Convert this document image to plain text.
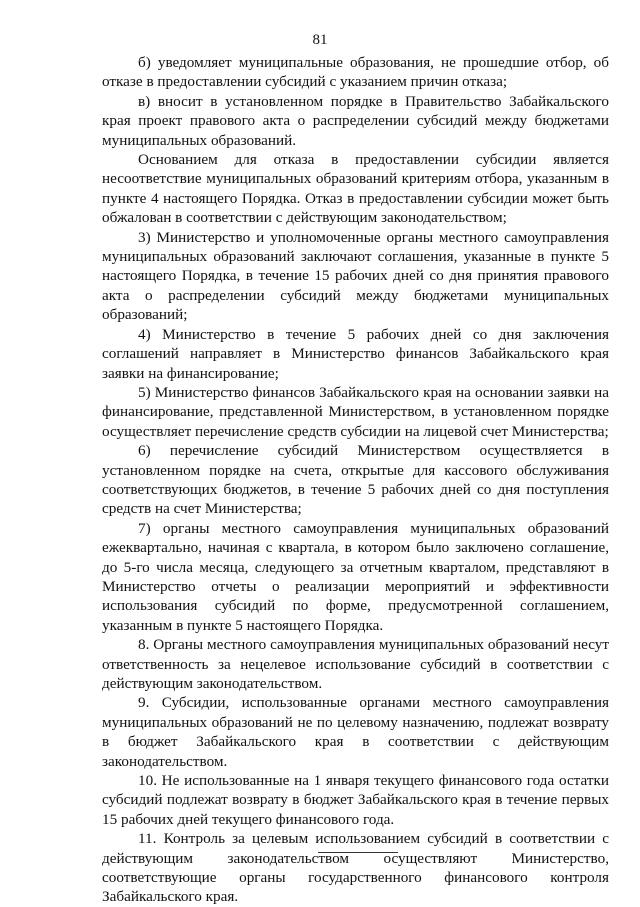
81

б) уведомляет муниципальные образования, не прошедшие отбор, об отказе в предоставлении субсидий с указанием причин отказа;

в) вносит в установленном порядке в Правительство Забайкальского края проект правового акта о распределении субсидий между бюджетами муниципальных образований.

Основанием для отказа в предоставлении субсидии является несоответствие муниципальных образований критериям отбора, указанным в пункте 4 настоящего Порядка. Отказ в предоставлении субсидии может быть обжалован в соответствии с действующим законодательством;

3) Министерство и уполномоченные органы местного самоуправления муниципальных образований заключают соглашения, указанные в пункте 5 настоящего Порядка, в течение 15 рабочих дней со дня принятия правового акта о распределении субсидий между бюджетами муниципальных образований;

4) Министерство в течение 5 рабочих дней со дня заключения соглашений направляет в Министерство финансов Забайкальского края заявки на финансирование;

5) Министерство финансов Забайкальского края на основании заявки на финансирование, представленной Министерством, в установленном порядке осуществляет перечисление средств субсидии на лицевой счет Министерства;

6) перечисление субсидий Министерством осуществляется в установленном порядке на счета, открытые для кассового обслуживания соответствующих бюджетов, в течение 5 рабочих дней со дня поступления средств на счет Министерства;

7) органы местного самоуправления муниципальных образований ежеквартально, начиная с квартала, в котором было заключено соглашение, до 5-го числа месяца, следующего за отчетным кварталом, представляют в Министерство отчеты о реализации мероприятий и эффективности использования субсидий по форме, предусмотренной соглашением, указанным в пункте 5 настоящего Порядка.

8. Органы местного самоуправления муниципальных образований несут ответственность за нецелевое использование субсидий в соответствии с действующим законодательством.

9. Субсидии, использованные органами местного самоуправления муниципальных образований не по целевому назначению, подлежат возврату в бюджет Забайкальского края в соответствии с действующим законодательством.

10. Не использованные на 1 января текущего финансового года остатки субсидий подлежат возврату в бюджет Забайкальского края в течение первых 15 рабочих дней текущего финансового года.

11. Контроль за целевым использованием субсидий в соответствии с действующим законодательством осуществляют Министерство, соответствующие органы государственного финансового контроля Забайкальского края.
